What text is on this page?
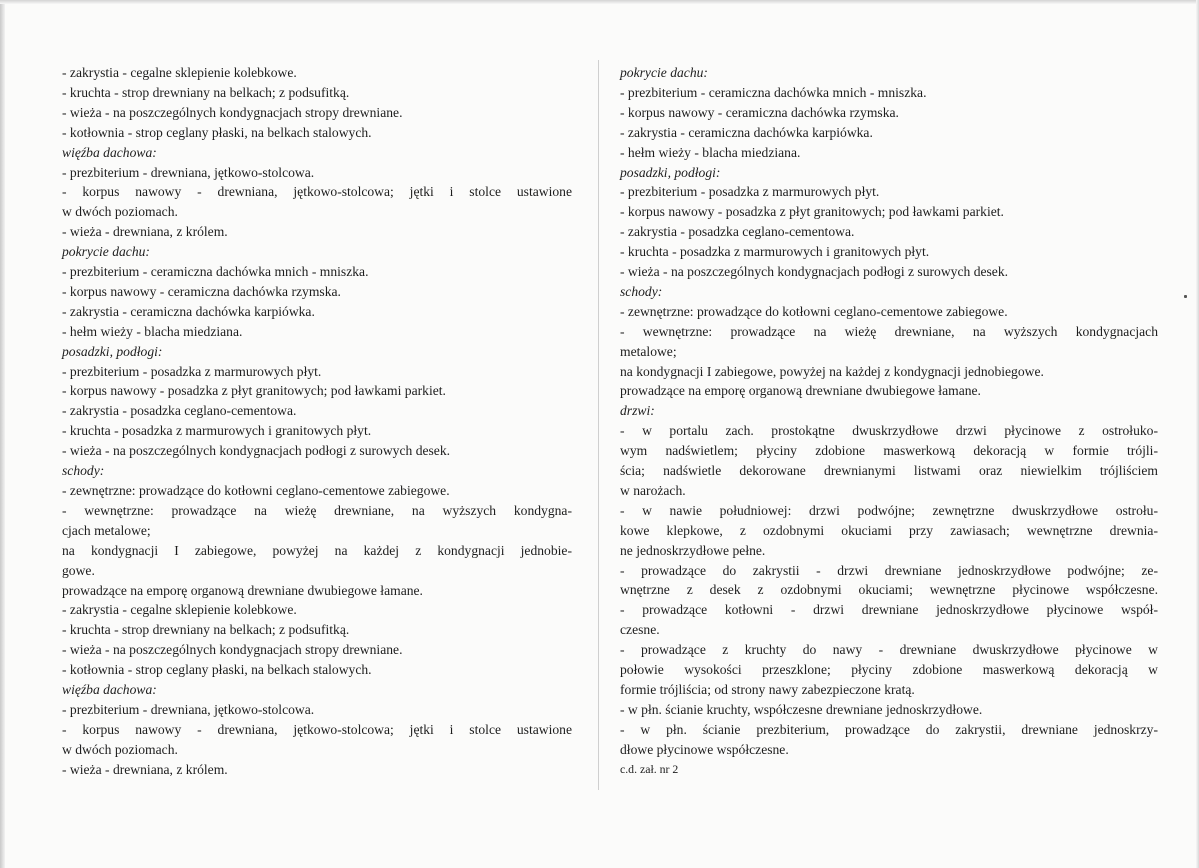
- zakrystia - cegalne sklepienie kolebkowe.
- kruchta - strop drewniany na belkach; z podsufitką.
- wieża - na poszczególnych kondygnacjach stropy drewniane.
- kotłownia - strop ceglany płaski, na belkach stalowych.
więźba dachowa:
- prezbiterium - drewniana, jętkowo-stolcowa.
- korpus nawowy - drewniana, jętkowo-stolcowa; jętki i stolce ustawione
w dwóch poziomach.
- wieża - drewniana, z królem.
pokrycie dachu:
- prezbiterium - ceramiczna dachówka mnich - mniszka.
- korpus nawowy - ceramiczna dachówka rzymska.
- zakrystia - ceramiczna dachówka karpiówka.
- hełm wieży - blacha miedziana.
posadzki, podłogi:
- prezbiterium - posadzka z marmurowych płyt.
- korpus nawowy - posadzka z płyt granitowych; pod ławkami parkiet.
- zakrystia - posadzka ceglano-cementowa.
- kruchta - posadzka z marmurowych i granitowych płyt.
- wieża - na poszczególnych kondygnacjach podłogi z surowych desek.
schody:
- zewnętrzne: prowadzące do kotłowni ceglano-cementowe zabiegowe.
- wewnętrzne: prowadzące na wieżę drewniane, na wyższych kondygna-
cjach metalowe;
na kondygnacji I zabiegowe, powyżej na każdej z kondygnacji jednobie-
gowe.
prowadzące na emporę organową drewniane dwubiegowe łamane.
- zakrystia - cegalne sklepienie kolebkowe.
- kruchta - strop drewniany na belkach; z podsufitką.
- wieża - na poszczególnych kondygnacjach stropy drewniane.
- kotłownia - strop ceglany płaski, na belkach stalowych.
więźba dachowa:
- prezbiterium - drewniana, jętkowo-stolcowa.
- korpus nawowy - drewniana, jętkowo-stolcowa; jętki i stolce ustawione
w dwóch poziomach.
- wieża - drewniana, z królem.
pokrycie dachu:
- prezbiterium - ceramiczna dachówka mnich - mniszka.
- korpus nawowy - ceramiczna dachówka rzymska.
- zakrystia - ceramiczna dachówka karpiówka.
- hełm wieży - blacha miedziana.
posadzki, podłogi:
- prezbiterium - posadzka z marmurowych płyt.
- korpus nawowy - posadzka z płyt granitowych; pod ławkami parkiet.
- zakrystia - posadzka ceglano-cementowa.
- kruchta - posadzka z marmurowych i granitowych płyt.
- wieża - na poszczególnych kondygnacjach podłogi z surowych desek.
schody:
- zewnętrzne: prowadzące do kotłowni ceglano-cementowe zabiegowe.
- wewnętrzne: prowadzące na wieżę drewniane, na wyższych kondygnacjach
metalowe;
na kondygnacji I zabiegowe, powyżej na każdej z kondygnacji jednobiegowe.
prowadzące na emporę organową drewniane dwubiegowe łamane.
drzwi:
- w portalu zach. prostokątne dwuskrzydłowe drzwi płycinowe z ostrołuko-
wym nadświetlem; płyciny zdobione maswerkową dekoracją w formie trójli-
ścia; nadświetle dekorowane drewnianymi listwami oraz niewielkim trójliściem
w narożach.
- w nawie południowej: drzwi podwójne; zewnętrzne dwuskrzydłowe ostrołu-
kowe klepkowe, z ozdobnymi okuciami przy zawiasach; wewnętrzne drewnia-
ne jednoskrzydłowe pełne.
- prowadzące do zakrystii - drzwi drewniane jednoskrzydłowe podwójne; ze-
wnętrzne z desek z ozdobnymi okuciami; wewnętrzne płycinowe współczesne.
- prowadzące kotłowni - drzwi drewniane jednoskrzydłowe płycinowe współ-
czesne.
- prowadzące z kruchty do nawy - drewniane dwuskrzydłowe płycinowe w
połowie wysokości przeszklone; płyciny zdobione maswerkową dekoracją w
formie trójliścia; od strony nawy zabezpieczone kratą.
- w płn. ścianie kruchty, współczesne drewniane jednoskrzydłowe.
- w płn. ścianie prezbiterium, prowadzące do zakrystii, drewniane jednoskrzy-
dłowe płycinowe współczesne.
c.d. zał. nr 2
